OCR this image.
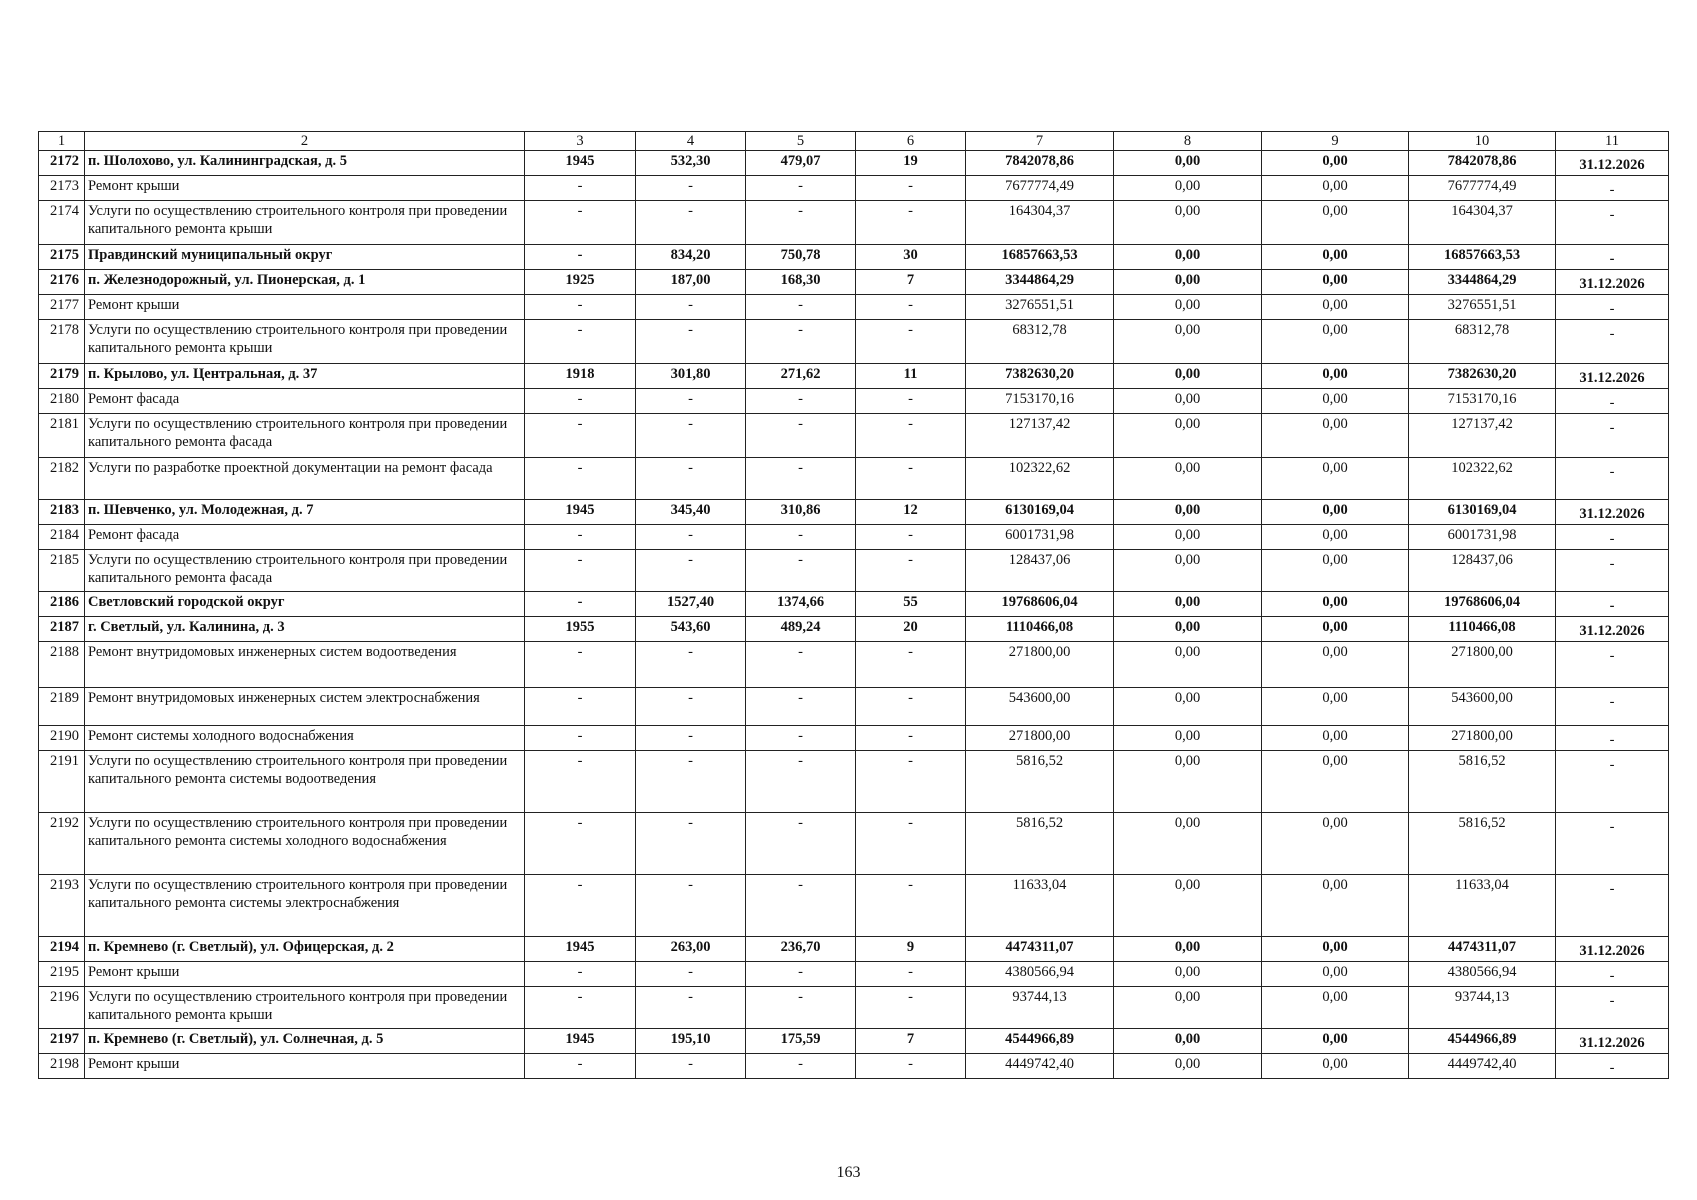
1	2	3	4	5	6	7	8	9	10	11
2172	п. Шолохово, ул. Калининградская, д. 5	1945	532,30	479,07	19	7842078,86	0,00	0,00	7842078,86	31.12.2026
2173	Ремонт крыши	-	-	-	-	7677774,49	0,00	0,00	7677774,49	-
2174	Услуги по осуществлению строительного контроля при проведении капитального ремонта крыши	-	-	-	-	164304,37	0,00	0,00	164304,37	-
2175	Правдинский муниципальный округ	-	834,20	750,78	30	16857663,53	0,00	0,00	16857663,53	-
2176	п. Железнодорожный, ул. Пионерская, д. 1	1925	187,00	168,30	7	3344864,29	0,00	0,00	3344864,29	31.12.2026
2177	Ремонт крыши	-	-	-	-	3276551,51	0,00	0,00	3276551,51	-
2178	Услуги по осуществлению строительного контроля при проведении капитального ремонта крыши	-	-	-	-	68312,78	0,00	0,00	68312,78	-
2179	п. Крылово, ул. Центральная, д. 37	1918	301,80	271,62	11	7382630,20	0,00	0,00	7382630,20	31.12.2026
2180	Ремонт фасада	-	-	-	-	7153170,16	0,00	0,00	7153170,16	-
2181	Услуги по осуществлению строительного контроля при проведении капитального ремонта фасада	-	-	-	-	127137,42	0,00	0,00	127137,42	-
2182	Услуги по разработке проектной документации на ремонт фасада	-	-	-	-	102322,62	0,00	0,00	102322,62	-
2183	п. Шевченко, ул. Молодежная, д. 7	1945	345,40	310,86	12	6130169,04	0,00	0,00	6130169,04	31.12.2026
2184	Ремонт фасада	-	-	-	-	6001731,98	0,00	0,00	6001731,98	-
2185	Услуги по осуществлению строительного контроля при проведении капитального ремонта фасада	-	-	-	-	128437,06	0,00	0,00	128437,06	-
2186	Светловский городской округ	-	1527,40	1374,66	55	19768606,04	0,00	0,00	19768606,04	-
2187	г. Светлый, ул. Калинина, д. 3	1955	543,60	489,24	20	1110466,08	0,00	0,00	1110466,08	31.12.2026
2188	Ремонт внутридомовых инженерных систем водоотведения	-	-	-	-	271800,00	0,00	0,00	271800,00	-
2189	Ремонт внутридомовых инженерных систем электроснабжения	-	-	-	-	543600,00	0,00	0,00	543600,00	-
2190	Ремонт системы холодного водоснабжения	-	-	-	-	271800,00	0,00	0,00	271800,00	-
2191	Услуги по осуществлению строительного контроля при проведении капитального ремонта системы водоотведения	-	-	-	-	5816,52	0,00	0,00	5816,52	-
2192	Услуги по осуществлению строительного контроля при проведении капитального ремонта системы холодного водоснабжения	-	-	-	-	5816,52	0,00	0,00	5816,52	-
2193	Услуги по осуществлению строительного контроля при проведении капитального ремонта системы электроснабжения	-	-	-	-	11633,04	0,00	0,00	11633,04	-
2194	п. Кремнево (г. Светлый), ул. Офицерская, д. 2	1945	263,00	236,70	9	4474311,07	0,00	0,00	4474311,07	31.12.2026
2195	Ремонт крыши	-	-	-	-	4380566,94	0,00	0,00	4380566,94	-
2196	Услуги по осуществлению строительного контроля при проведении капитального ремонта крыши	-	-	-	-	93744,13	0,00	0,00	93744,13	-
2197	п. Кремнево (г. Светлый), ул. Солнечная, д. 5	1945	195,10	175,59	7	4544966,89	0,00	0,00	4544966,89	31.12.2026
2198	Ремонт крыши	-	-	-	-	4449742,40	0,00	0,00	4449742,40	-
163
